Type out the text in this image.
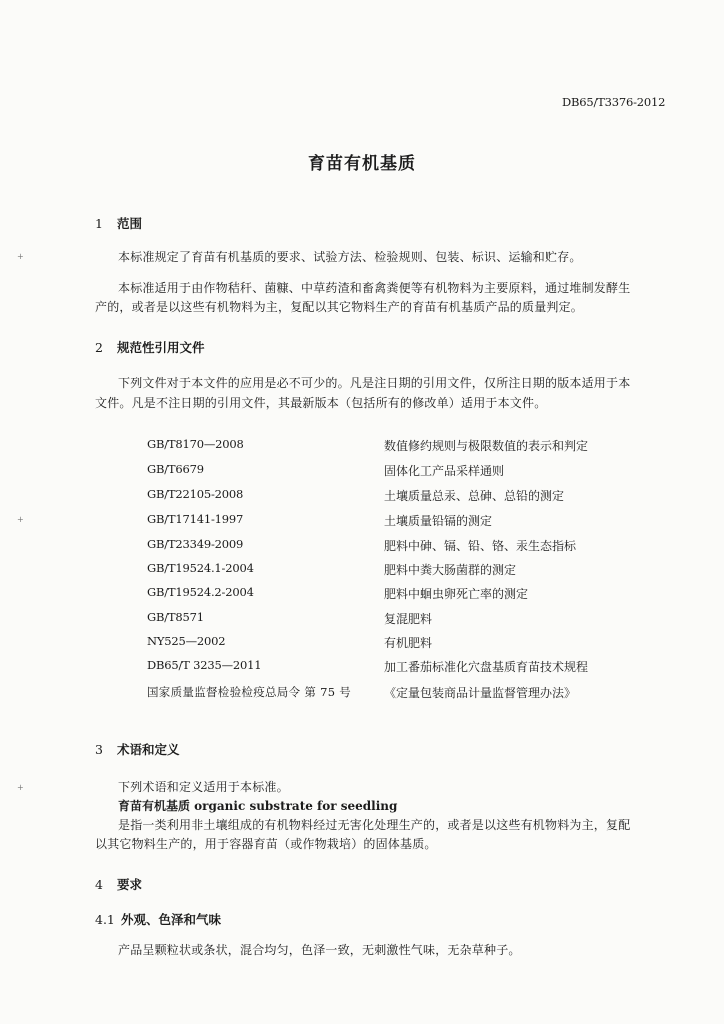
DB65/T3376-2012
育苗有机基质
+
+
+
1 范围
本标准规定了育苗有机基质的要求、试验方法、检验规则、包装、标识、运输和贮存。
本标准适用于由作物秸秆、菌糠、中草药渣和畜禽粪便等有机物料为主要原料，通过堆制发酵生
产的，或者是以这些有机物料为主，复配以其它物料生产的育苗有机基质产品的质量判定。
2 规范性引用文件
下列文件对于本文件的应用是必不可少的。凡是注日期的引用文件，仅所注日期的版本适用于本
文件。凡是不注日期的引用文件，其最新版本（包括所有的修改单）适用于本文件。
GB/T8170—2008	数值修约规则与极限数值的表示和判定
GB/T6679	固体化工产品采样通则
GB/T22105-2008	土壤质量总汞、总砷、总铅的测定
GB/T17141-1997	土壤质量铅镉的测定
GB/T23349-2009	肥料中砷、镉、铅、铬、汞生态指标
GB/T19524.1-2004	肥料中粪大肠菌群的测定
GB/T19524.2-2004	肥料中蛔虫卵死亡率的测定
GB/T8571	复混肥料
NY525—2002	有机肥料
DB65/T 3235—2011	加工番茄标准化穴盘基质育苗技术规程
国家质量监督检验检疫总局令 第 75 号	《定量包装商品计量监督管理办法》
3 术语和定义
下列术语和定义适用于本标准。
育苗有机基质 organic substrate for seedling
是指一类利用非土壤组成的有机物料经过无害化处理生产的，或者是以这些有机物料为主，复配
以其它物料生产的，用于容器育苗（或作物栽培）的固体基质。
4 要求
4.1 外观、色泽和气味
产品呈颗粒状或条状，混合均匀，色泽一致，无刺激性气味，无杂草种子。
